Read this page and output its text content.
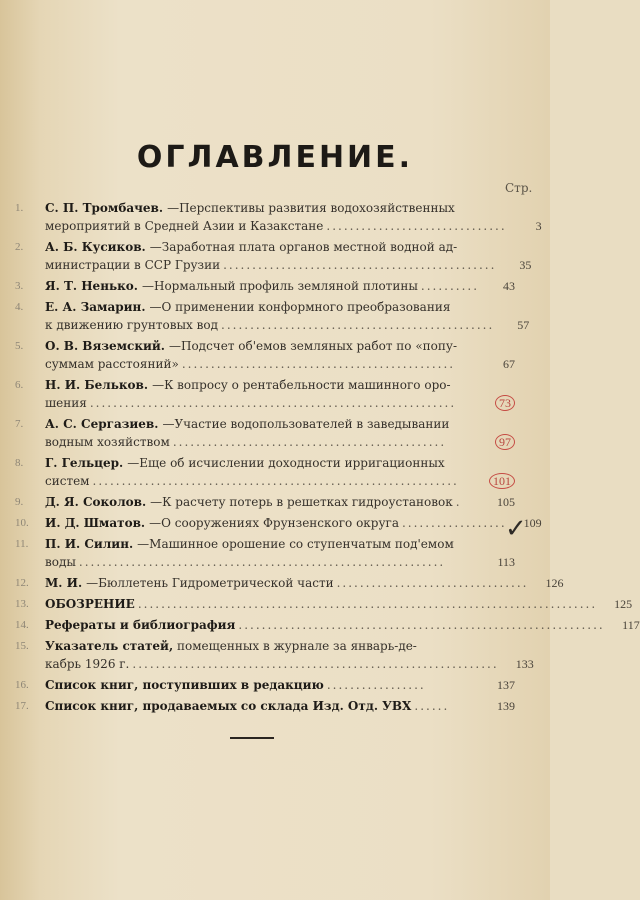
ОГЛАВЛЕНИЕ.
Стр.
1.	С. П. Тромбачев. —Перспективы развития водохозяйственных
мероприятий в Средней Азии и Казакстане ...............................	3
2.	А. Б. Кусиков. —Заработная плата органов местной водной ад-
министрации в ССР Грузии ...............................................	35
3.	Я. Т. Ненько. —Нормальный профиль земляной плотины ..........	43
4.	Е. А. Замарин. —О применении конформного преобразования
к движению грунтовых вод ...............................................	57
5.	О. В. Вяземский. —Подсчет об'емов земляных работ по «попу-
суммам расстояний» ...............................................	67
6.	Н. И. Бельков. —К вопросу о рентабельности машинного оро-
шения ...............................................................	73
7.	А. С. Сергазиев. —Участие водопользователей в заведывании
водным хозяйством ...............................................	97
8.	Г. Гельцер. —Еще об исчислении доходности ирригационных
систем ...............................................................	101
9.	Д. Я. Соколов. —К расчету потерь в решетках гидроустановок .	105
10.	И. Д. Шматов. —О сооружениях Фрунзенского округа ..................	109
11.	П. И. Силин. —Машинное орошение со ступенчатым под'емом
воды ...............................................................	113
12.	М. И. —Бюллетень Гидрометрической части .................................	126
13.	ОБОЗРЕНИЕ ...............................................................................	125
14.	Рефераты и библиография ...............................................................	117
15.	Указатель статей,
помещенных в журнале за январь-де-
кабрь 1926 г. ...............................................................	133
16.	Список книг, поступивших в редакцию .................	137
17.	Список книг, продаваемых со склада Изд. Отд. УВХ ......	139
✓
